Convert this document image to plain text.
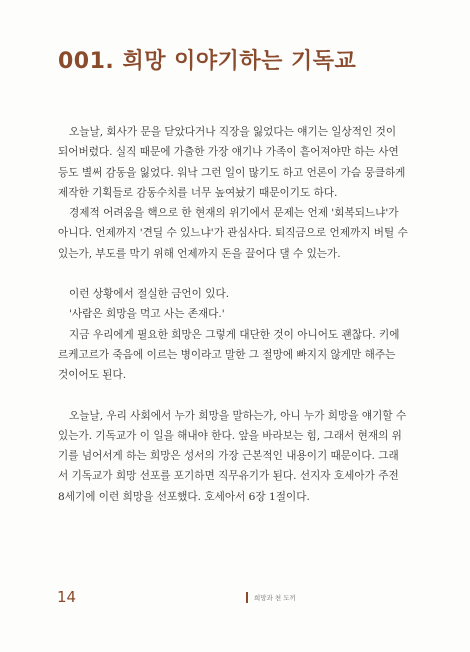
001. 희망 이야기하는 기독교
오늘날, 회사가 문을 닫았다거나 직장을 잃었다는 얘기는 일상적인 것이
되어버렸다. 실직 때문에 가출한 가장 얘기나 가족이 흩어져야만 하는 사연
등도 별써 감동을 잃었다. 워낙 그런 일이 많기도 하고 언론이 가슴 뭉클하게
제작한 기획들로 감동수치를 너무 높여놨기 때문이기도 하다.
경제적 어려움을 핵으로 한 현재의 위기에서 문제는 언제 '회복되느냐'가
아니다. 언제까지 '견딜 수 있느냐'가 관심사다. 퇴직금으로 언제까지 버틸 수
있는가, 부도를 막기 위해 언제까지 돈을 끌어다 댈 수 있는가.
이런 상황에서 절실한 금언이 있다.
'사람은 희망을 먹고 사는 존재다.'
지금 우리에게 필요한 희망은 그렇게 대단한 것이 아니어도 괜찮다. 키에
르케고르가 죽음에 이르는 병이라고 말한 그 절망에 빠지지 않게만 해주는
것이어도 된다.
오늘날, 우리 사회에서 누가 희망을 말하는가, 아니 누가 희망을 얘기할 수
있는가. 기독교가 이 일을 해내야 한다. 앞을 바라보는 힘, 그래서 현재의 위
기를 넘어서게 하는 희망은 성서의 가장 근본적인 내용이기 때문이다. 그래
서 기독교가 희망 선포를 포기하면 직무유기가 된다. 선지자 호세아가 주전
8세기에 이런 희망을 선포했다. 호세아서 6장 1절이다.
14	희망과 천 도끼
